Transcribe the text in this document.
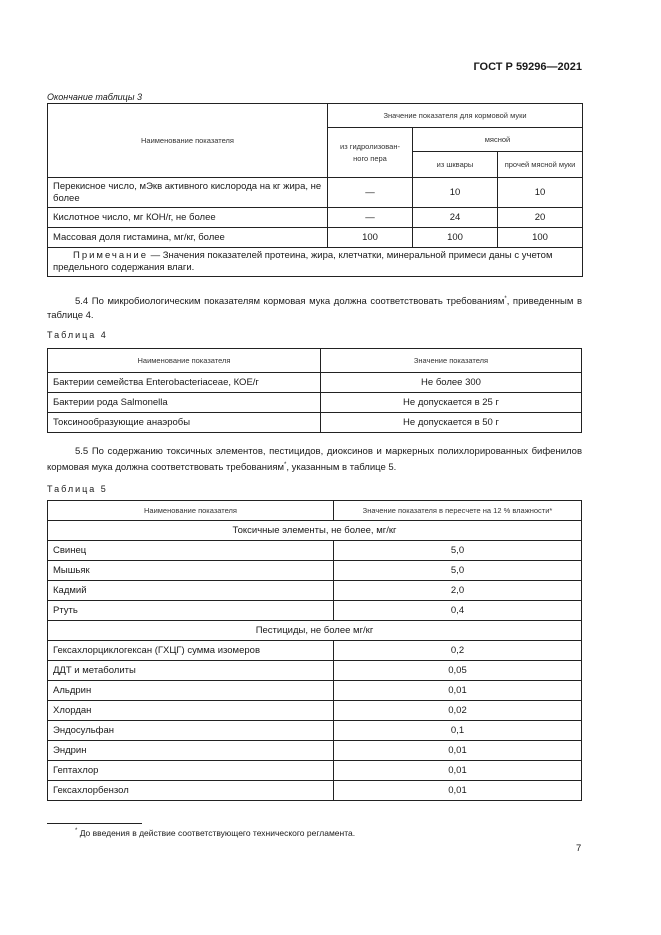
ГОСТ Р 59296—2021
Окончание таблицы 3
Наименование показателя	Значение показателя для кормовой муки		
	из гидролизован-ного пера	мясной	
		из шквары	прочей мясной муки
Перекисное число, мЭкв активного кислорода на кг жира, не более	—	10	10
Кислотное число, мг КОН/г, не более	—	24	20
Массовая доля гистамина, мг/кг, более	100	100	100
Примечание — Значения показателей протеина, жира, клетчатки, минеральной примеси даны с учетом предельного содержания влаги.			

5.4 По микробиологическим показателям кормовая мука должна соответствовать требованиям*, приведенным в таблице 4.

Таблица 4
Наименование показателя	Значение показателя
Бактерии семейства Enterobacteriaceae, КОЕ/г	Не более 300
Бактерии рода Salmonella	Не допускается в 25 г
Токсинообразующие анаэробы	Не допускается в 50 г

5.5 По содержанию токсичных элементов, пестицидов, диоксинов и маркерных полихлорированных бифенилов кормовая мука должна соответствовать требованиям*, указанным в таблице 5.

Таблица 5
Наименование показателя	Значение показателя в пересчете на 12 % влажности*
Токсичные элементы, не более, мг/кг	
Свинец	5,0
Мышьяк	5,0
Кадмий	2,0
Ртуть	0,4
Пестициды, не более мг/кг	
Гексахлорциклогексан (ГХЦГ) сумма изомеров	0,2
ДДТ и метаболиты	0,05
Альдрин	0,01
Хлордан	0,02
Эндосульфан	0,1
Эндрин	0,01
Гептахлор	0,01
Гексахлорбензол	0,01
* До введения в действие соответствующего технического регламента.
7
